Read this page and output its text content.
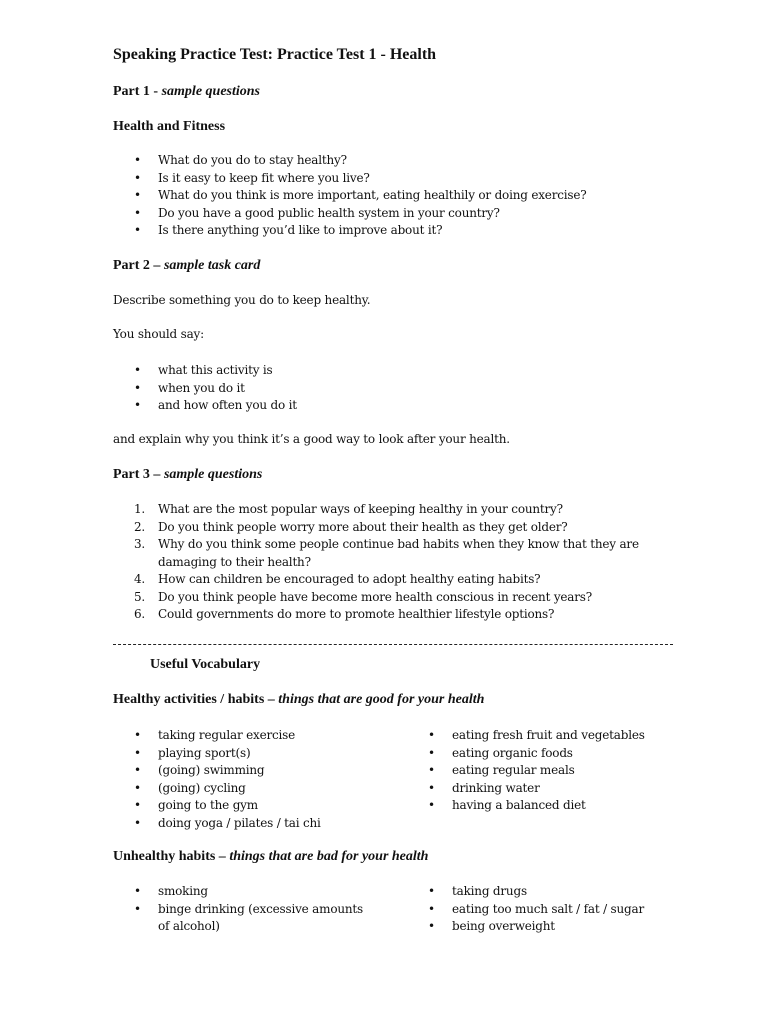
Speaking Practice Test: Practice Test 1 - Health
Part 1 - sample questions
Health and Fitness
• What do you do to stay healthy?
• Is it easy to keep fit where you live?
• What do you think is more important, eating healthily or doing exercise?
• Do you have a good public health system in your country?
• Is there anything you’d like to improve about it?
Part 2 – sample task card
Describe something you do to keep healthy.
You should say:
• what this activity is
• when you do it
• and how often you do it
and explain why you think it’s a good way to look after your health.
Part 3 – sample questions
1. What are the most popular ways of keeping healthy in your country?
2. Do you think people worry more about their health as they get older?
3. Why do you think some people continue bad habits when they know that they are damaging to their health?
4. How can children be encouraged to adopt healthy eating habits?
5. Do you think people have become more health conscious in recent years?
6. Could governments do more to promote healthier lifestyle options?
Useful Vocabulary
Healthy activities / habits – things that are good for your health
• taking regular exercise
• playing sport(s)
• (going) swimming
• (going) cycling
• going to the gym
• doing yoga / pilates / tai chi
• eating fresh fruit and vegetables
• eating organic foods
• eating regular meals
• drinking water
• having a balanced diet
Unhealthy habits – things that are bad for your health
• smoking
• binge drinking (excessive amounts of alcohol)
• taking drugs
• eating too much salt / fat / sugar
• being overweight
